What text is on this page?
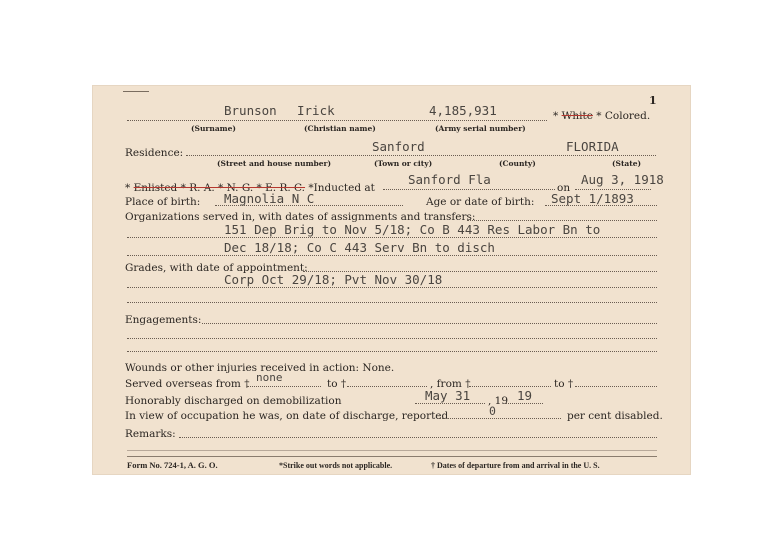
1
Brunson Irick	4,185,931	* White * Colored.
(Surname)	(Christian name)	(Army serial number)
Residence:	Sanford	FLORIDA
(Street and house number)	(Town or city)	(County)	(State)
* Enlisted * R. A. * N. G. * E. R. C. *Inducted at
Sanford Fla
on
Aug 3, 1918
Place of birth: Magnolia N C	Age or date of birth: Sept 1/1893
Organizations served in, with dates of assignments and transfers:
151 Dep Brig to Nov 5/18; Co B 443 Res Labor Bn to
Dec 18/18; Co C 443 Serv Bn to disch
Grades, with date of appointment:
Corp Oct 29/18; Pvt Nov 30/18
Engagements:
Wounds or other injuries received in action: None.
Served overseas from † none	to †	, from †	to †
Honorably discharged on demobilization	May 31 , 19 19
In view of occupation he was, on date of discharge, reported	0	per cent disabled.
Remarks:
Form No. 724-1, A. G. O.	*Strike out words not applicable.	† Dates of departure from and arrival in the U. S.
